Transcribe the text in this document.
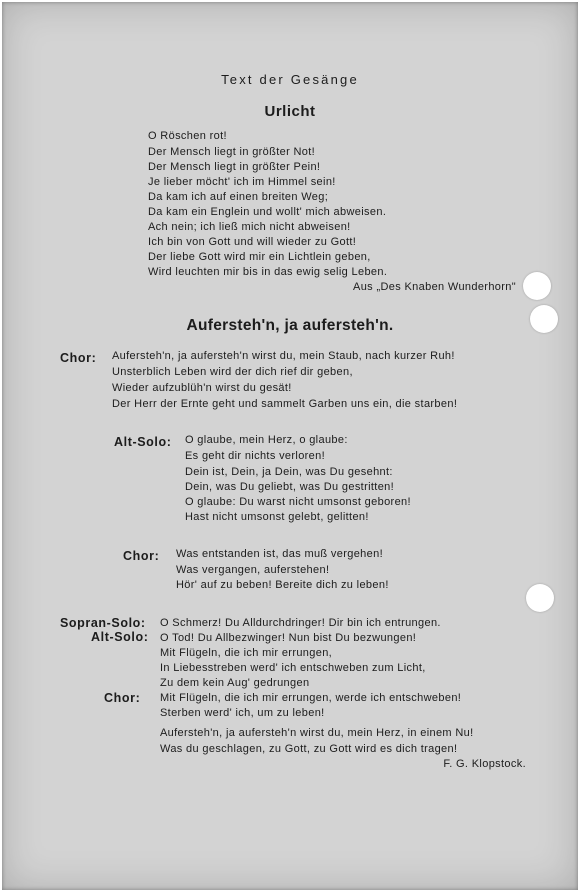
Text der Gesänge
Urlicht
O Röschen rot!
Der Mensch liegt in größter Not!
Der Mensch liegt in größter Pein!
Je lieber möcht' ich im Himmel sein!
Da kam ich auf einen breiten Weg;
Da kam ein Englein und wollt' mich abweisen.
Ach nein; ich ließ mich nicht abweisen!
Ich bin von Gott und will wieder zu Gott!
Der liebe Gott wird mir ein Lichtlein geben,
Wird leuchten mir bis in das ewig selig Leben.
Aus „Des Knaben Wunderhorn"
Aufersteh'n, ja aufersteh'n.
Chor: Aufersteh'n, ja aufersteh'n wirst du, mein Staub, nach kurzer Ruh!
Unsterblich Leben wird der dich rief dir geben,
Wieder aufzublüh'n wirst du gesät!
Der Herr der Ernte geht und sammelt Garben uns ein, die starben!
Alt-Solo: O glaube, mein Herz, o glaube:
Es geht dir nichts verloren!
Dein ist, Dein, ja Dein, was Du gesehnt:
Dein, was Du geliebt, was Du gestritten!
O glaube: Du warst nicht umsonst geboren!
Hast nicht umsonst gelebt, gelitten!
Chor: Was entstanden ist, das muß vergehen!
Was vergangen, auferstehen!
Hör' auf zu beben! Bereite dich zu leben!
Sopran-Solo: O Schmerz! Du Alldurchdringer! Dir bin ich entrungen.
Alt-Solo: O Tod! Du Allbezwinger! Nun bist Du bezwungen!
Mit Flügeln, die ich mir errungen,
In Liebesstreben werd' ich entschweben zum Licht,
Zu dem kein Aug' gedrungen
Chor: Mit Flügeln, die ich mir errungen, werde ich entschweben!
Sterben werd' ich, um zu leben!
Aufersteh'n, ja aufersteh'n wirst du, mein Herz, in einem Nu!
Was du geschlagen, zu Gott, zu Gott wird es dich tragen!
F. G. Klopstock.
